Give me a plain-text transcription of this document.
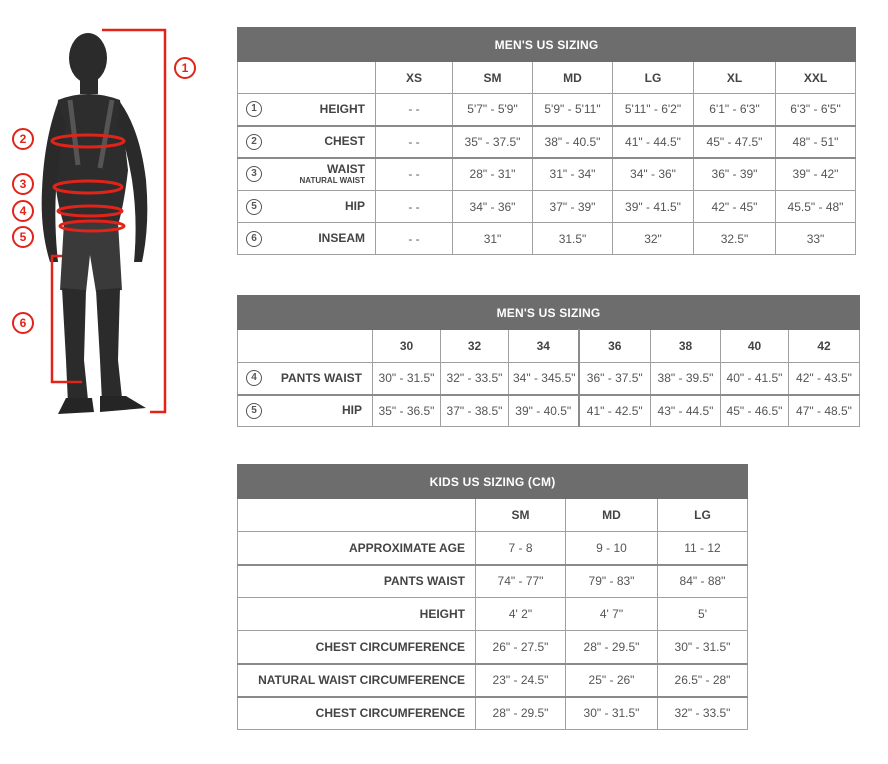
1
2
3
4
5
6
MEN'S US SIZING						
	XS	SM	MD	LG	XL	XXL

1 HEIGHT	- -	5'7" - 5'9"	5'9" - 5'11"	5'11" - 6'2"	6'1" - 6'3"	6'3" - 6'5"

2 CHEST	- -	35" - 37.5"	38" - 40.5"	41" - 44.5"	45" - 47.5"	48" - 51"

3 WAIST
NATURAL WAIST	- -	28" - 31"	31" - 34"	34" - 36"	36" - 39"	39" - 42"

5 HIP	- -	34" - 36"	37" - 39"	39" - 41.5"	42" - 45"	45.5" - 48"

6 INSEAM	- -	31"	31.5"	32"	32.5"	33"
MEN'S US SIZING							
	30	32	34	36	38	40	42

4 PANTS WAIST	30" - 31.5"	32" - 33.5"	34" - 345.5"	36" - 37.5"	38" - 39.5"	40" - 41.5"	42" - 43.5"

5 HIP	35" - 36.5"	37" - 38.5"	39" - 40.5"	41" - 42.5"	43" - 44.5"	45" - 46.5"	47" - 48.5"
KIDS US SIZING (CM)			
	SM	MD	LG
APPROXIMATE AGE	7 - 8	9 - 10	11 - 12
PANTS WAIST	74" - 77"	79" - 83"	84" - 88"
HEIGHT	4' 2"	4' 7"	5'
CHEST CIRCUMFERENCE	26" - 27.5"	28" - 29.5"	30" - 31.5"
NATURAL WAIST CIRCUMFERENCE	23" - 24.5"	25" - 26"	26.5" - 28"
CHEST CIRCUMFERENCE	28" - 29.5"	30" - 31.5"	32" - 33.5"
